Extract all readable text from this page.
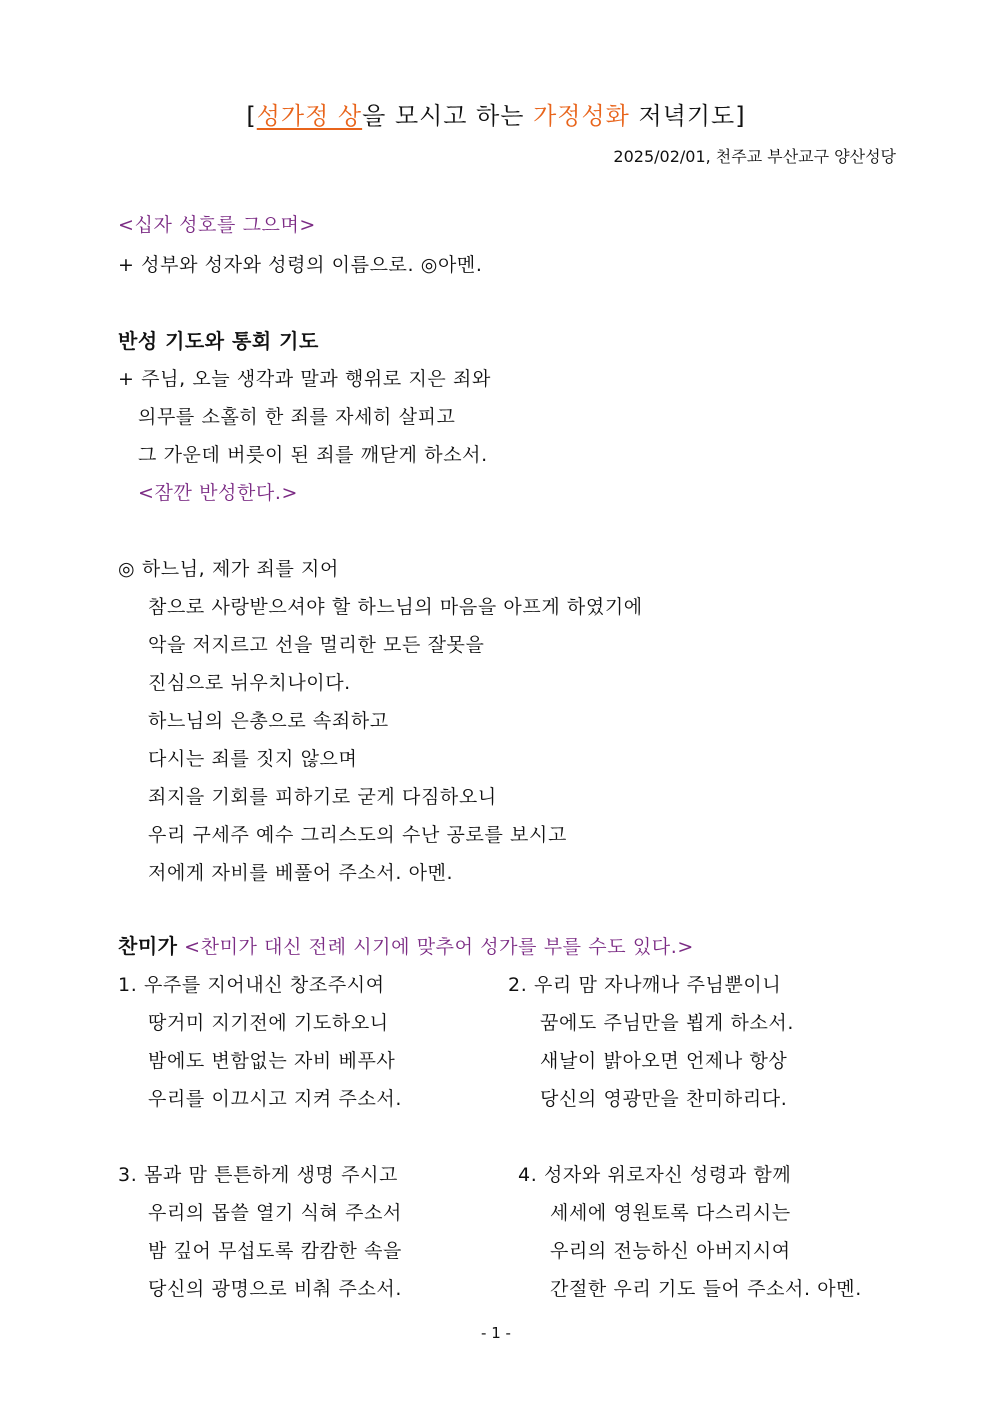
[성가정 상을 모시고 하는 가정성화 저녁기도]
2025/02/01, 천주교 부산교구 양산성당
<십자 성호를 그으며>
+ 성부와 성자와 성령의 이름으로. ◎아멘.
반성 기도와 통회 기도
+ 주님, 오늘 생각과 말과 행위로 지은 죄와
의무를 소홀히 한 죄를 자세히 살피고
그 가운데 버릇이 된 죄를 깨닫게 하소서.
<잠깐 반성한다.>
◎ 하느님, 제가 죄를 지어
참으로 사랑받으셔야 할 하느님의 마음을 아프게 하였기에
악을 저지르고 선을 멀리한 모든 잘못을
진심으로 뉘우치나이다.
하느님의 은총으로 속죄하고
다시는 죄를 짓지 않으며
죄지을 기회를 피하기로 굳게 다짐하오니
우리 구세주 예수 그리스도의 수난 공로를 보시고
저에게 자비를 베풀어 주소서. 아멘.
찬미가 <찬미가 대신 전례 시기에 맞추어 성가를 부를 수도 있다.>
1. 우주를 지어내신 창조주시여
땅거미 지기전에 기도하오니
밤에도 변함없는 자비 베푸사
우리를 이끄시고 지켜 주소서.
2. 우리 맘 자나깨나 주님뿐이니
꿈에도 주님만을 뵙게 하소서.
새날이 밝아오면 언제나 항상
당신의 영광만을 찬미하리다.
3. 몸과 맘 튼튼하게 생명 주시고
우리의 몹쓸 열기 식혀 주소서
밤 깊어 무섭도록 캄캄한 속을
당신의 광명으로 비춰 주소서.
4. 성자와 위로자신 성령과 함께
세세에 영원토록 다스리시는
우리의 전능하신 아버지시여
간절한 우리 기도 들어 주소서. 아멘.
- 1 -
